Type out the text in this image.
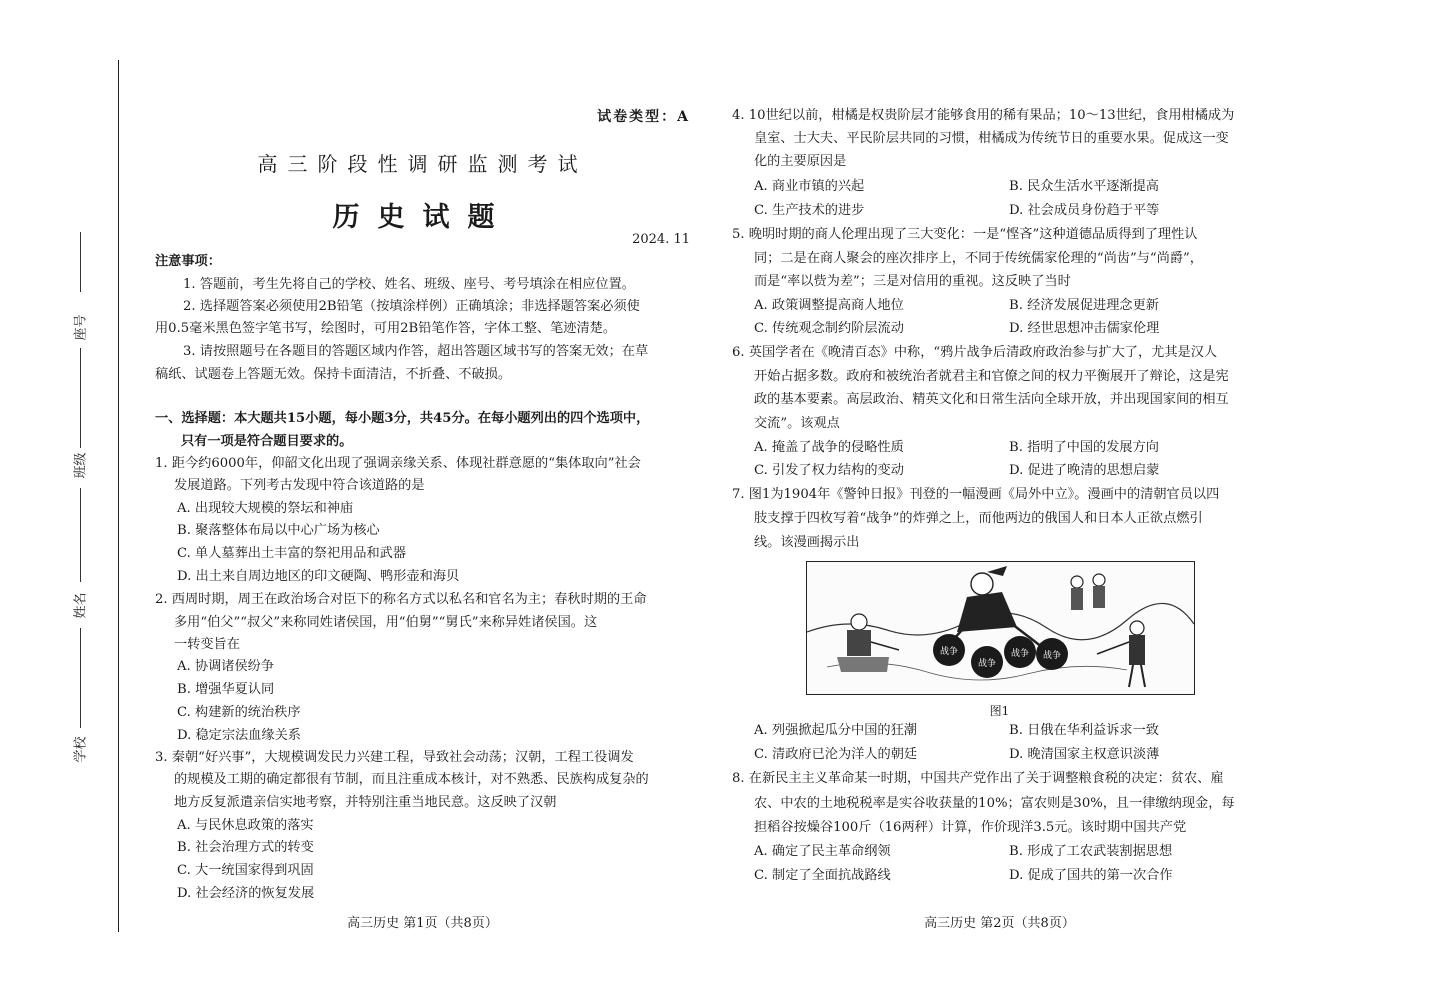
座号
班级
姓名
学校
试卷类型：A
高三阶段性调研监测考试
历史试题
2024. 11
注意事项：
1. 答题前，考生先将自己的学校、姓名、班级、座号、考号填涂在相应位置。
2. 选择题答案必须使用2B铅笔（按填涂样例）正确填涂；非选择题答案必须使
用0.5毫米黑色签字笔书写，绘图时，可用2B铅笔作答，字体工整、笔迹清楚。
3. 请按照题号在各题目的答题区域内作答，超出答题区域书写的答案无效；在草
稿纸、试题卷上答题无效。保持卡面清洁，不折叠、不破损。
一、选择题：本大题共15小题，每小题3分，共45分。在每小题列出的四个选项中，
只有一项是符合题目要求的。
1. 距今约6000年，仰韶文化出现了强调亲缘关系、体现社群意愿的“集体取向”社会
发展道路。下列考古发现中符合该道路的是
A. 出现较大规模的祭坛和神庙
B. 聚落整体布局以中心广场为核心
C. 单人墓葬出土丰富的祭祀用品和武器
D. 出土来自周边地区的印文硬陶、鸭形壶和海贝
2. 西周时期，周王在政治场合对臣下的称名方式以私名和官名为主；春秋时期的王命
多用“伯父”“叔父”来称同姓诸侯国，用“伯舅”“舅氏”来称异姓诸侯国。这
一转变旨在
A. 协调诸侯纷争
B. 增强华夏认同
C. 构建新的统治秩序
D. 稳定宗法血缘关系
3. 秦朝“好兴事”，大规模调发民力兴建工程，导致社会动荡；汉朝，工程工役调发
的规模及工期的确定都很有节制，而且注重成本核计，对不熟悉、民族构成复杂的
地方反复派遣亲信实地考察，并特别注重当地民意。这反映了汉朝
A. 与民休息政策的落实
B. 社会治理方式的转变
C. 大一统国家得到巩固
D. 社会经济的恢复发展
高三历史 第1页（共8页）
4. 10世纪以前，柑橘是权贵阶层才能够食用的稀有果品；10～13世纪，食用柑橘成为
皇室、士大夫、平民阶层共同的习惯，柑橘成为传统节日的重要水果。促成这一变
化的主要原因是
A. 商业市镇的兴起	B. 民众生活水平逐渐提高
C. 生产技术的进步	D. 社会成员身份趋于平等
5. 晚明时期的商人伦理出现了三大变化：一是“悭吝”这种道德品质得到了理性认
同；二是在商人聚会的座次排序上，不同于传统儒家伦理的“尚齿”与“尚爵”，
而是“率以赀为差”；三是对信用的重视。这反映了当时
A. 政策调整提高商人地位	B. 经济发展促进理念更新
C. 传统观念制约阶层流动	D. 经世思想冲击儒家伦理
6. 英国学者在《晚清百态》中称，“鸦片战争后清政府政治参与扩大了，尤其是汉人
开始占据多数。政府和被统治者就君主和官僚之间的权力平衡展开了辩论，这是宪
政的基本要素。高层政治、精英文化和日常生活向全球开放，并出现国家间的相互
交流”。该观点
A. 掩盖了战争的侵略性质	B. 指明了中国的发展方向
C. 引发了权力结构的变动	D. 促进了晚清的思想启蒙
7. 图1为1904年《警钟日报》刊登的一幅漫画《局外中立》。漫画中的清朝官员以四
肢支撑于四枚写着“战争”的炸弹之上，而他两边的俄国人和日本人正欲点燃引
线。该漫画揭示出
A. 列强掀起瓜分中国的狂潮	B. 日俄在华利益诉求一致
C. 清政府已沦为洋人的朝廷	D. 晚清国家主权意识淡薄
8. 在新民主主义革命某一时期，中国共产党作出了关于调整粮食税的决定：贫农、雇
农、中农的土地税税率是实谷收获量的10%；富农则是30%，且一律缴纳现金，每
担稻谷按燥谷100斤（16两秤）计算，作价现洋3.5元。该时期中国共产党
A. 确定了民主革命纲领	B. 形成了工农武装割据思想
C. 制定了全面抗战路线	D. 促成了国共的第一次合作
高三历史 第2页（共8页）
战争
战争
战争 战争
图1
